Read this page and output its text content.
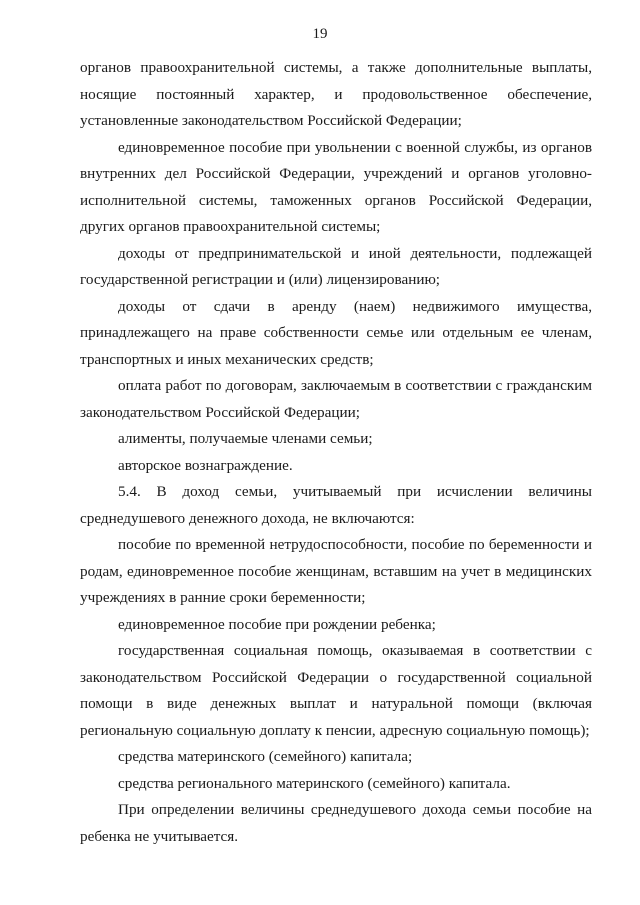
19

органов правоохранительной системы, а также дополнительные выплаты, носящие постоянный характер, и продовольственное обеспечение, установленные законодательством Российской Федерации;

единовременное пособие при увольнении с военной службы, из органов внутренних дел Российской Федерации, учреждений и органов уголовно-исполнительной системы, таможенных органов Российской Федерации, других органов правоохранительной системы;

доходы от предпринимательской и иной деятельности, подлежащей государственной регистрации и (или) лицензированию;

доходы от сдачи в аренду (наем) недвижимого имущества, принадлежащего на праве собственности семье или отдельным ее членам, транспортных и иных механических средств;

оплата работ по договорам, заключаемым в соответствии с гражданским законодательством Российской Федерации;

алименты, получаемые членами семьи;

авторское вознаграждение.

5.4. В доход семьи, учитываемый при исчислении величины среднедушевого денежного дохода, не включаются:

пособие по временной нетрудоспособности, пособие по беременности и родам, единовременное пособие женщинам, вставшим на учет в медицинских учреждениях в ранние сроки беременности;

единовременное пособие при рождении ребенка;

государственная социальная помощь, оказываемая в соответствии с законодательством Российской Федерации о государственной социальной помощи в виде денежных выплат и натуральной помощи (включая региональную социальную доплату к пенсии, адресную социальную помощь);

средства материнского (семейного) капитала;

средства регионального материнского (семейного) капитала.

При определении величины среднедушевого дохода семьи пособие на ребенка не учитывается.
